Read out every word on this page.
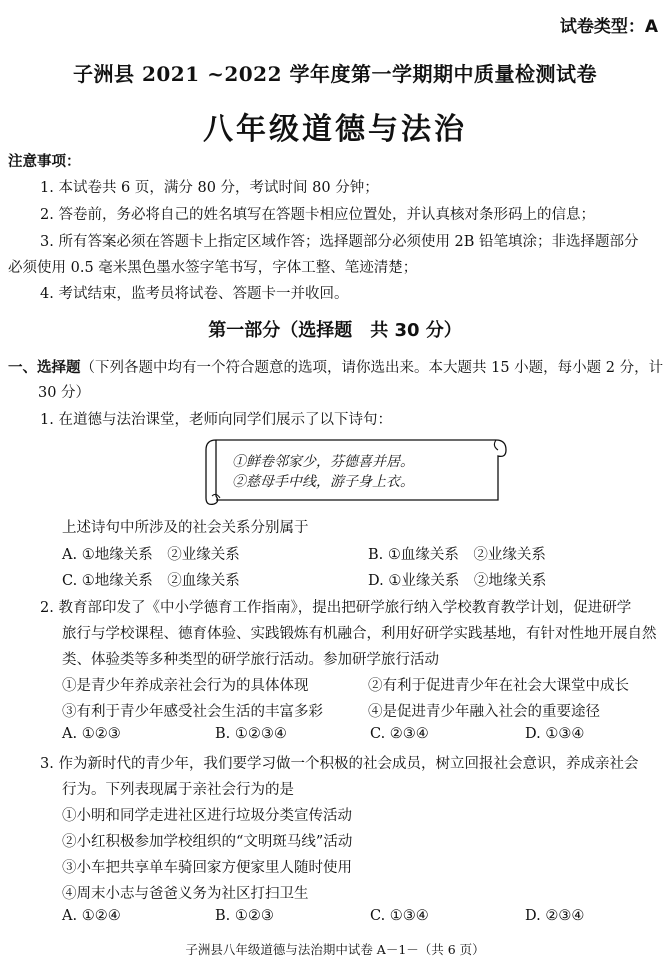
试卷类型：A
子洲县 2021 ~2022 学年度第一学期期中质量检测试卷
八年级道德与法治
注意事项：
1. 本试卷共 6 页，满分 80 分，考试时间 80 分钟；
2. 答卷前，务必将自己的姓名填写在答题卡相应位置处，并认真核对条形码上的信息；
3. 所有答案必须在答题卡上指定区域作答；选择题部分必须使用 2B 铅笔填涂；非选择题部分
必须使用 0.5 毫米黑色墨水签字笔书写，字体工整、笔迹清楚；
4. 考试结束，监考员将试卷、答题卡一并收回。
第一部分（选择题　共 30 分）
一、选择题（下列各题中均有一个符合题意的选项，请你选出来。本大题共 15 小题，每小题 2 分，计
30 分）
1. 在道德与法治课堂，老师向同学们展示了以下诗句：
①鲜卷邻家少，芬德喜并居。
②慈母手中线，游子身上衣。
上述诗句中所涉及的社会关系分别属于
A. ①地缘关系　②业缘关系	B. ①血缘关系　②业缘关系
C. ①地缘关系　②血缘关系	D. ①业缘关系　②地缘关系
2. 教育部印发了《中小学德育工作指南》，提出把研学旅行纳入学校教育教学计划，促进研学
旅行与学校课程、德育体验、实践锻炼有机融合，利用好研学实践基地，有针对性地开展自然
类、体验类等多种类型的研学旅行活动。参加研学旅行活动
①是青少年养成亲社会行为的具体体现	②有利于促进青少年在社会大课堂中成长
③有利于青少年感受社会生活的丰富多彩	④是促进青少年融入社会的重要途径
A. ①②③	B. ①②③④	C. ②③④	D. ①③④
3. 作为新时代的青少年，我们要学习做一个积极的社会成员，树立回报社会意识，养成亲社会
行为。下列表现属于亲社会行为的是
①小明和同学走进社区进行垃圾分类宣传活动
②小红积极参加学校组织的“文明斑马线”活动
③小车把共享单车骑回家方便家里人随时使用
④周末小志与爸爸义务为社区打扫卫生
A. ①②④	B. ①②③	C. ①③④	D. ②③④
子洲县八年级道德与法治期中试卷 A－1－（共 6 页）
